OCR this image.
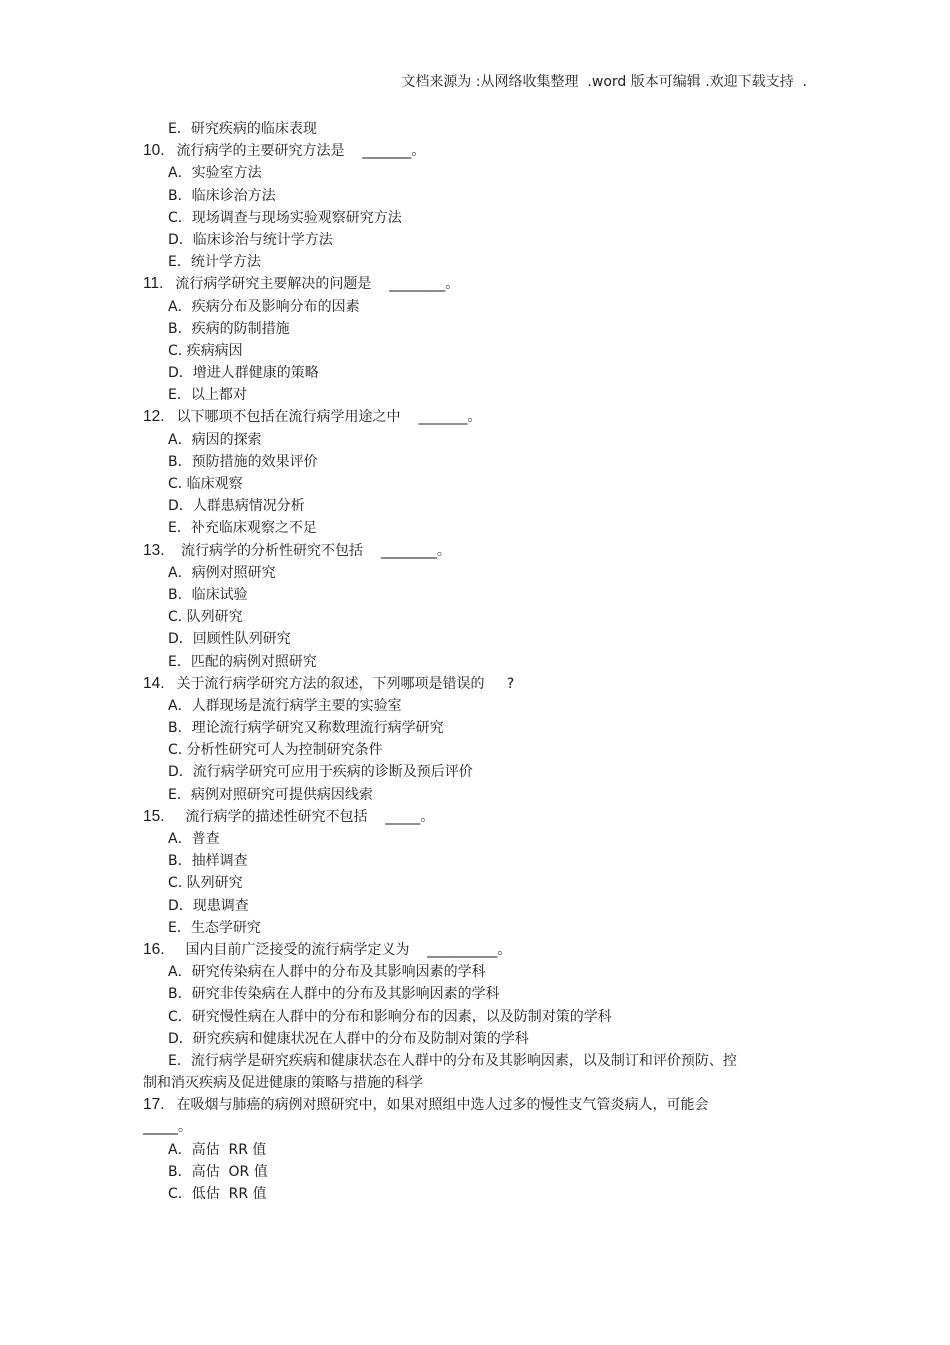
文档来源为 :从网络收集整理  .word 版本可编辑 .欢迎下载支持  .
E．研究疾病的临床表现
10. 流行病学的主要研究方法是    _______。
A．实验室方法
B．临床诊治方法
C．现场调查与现场实验观察研究方法
D．临床诊治与统计学方法
E．统计学方法
11. 流行病学研究主要解决的问题是    ________。
A．疾病分布及影响分布的因素
B．疾病的防制措施
C. 疾病病因
D．增进人群健康的策略
E．以上都对
12. 以下哪项不包括在流行病学用途之中    _______。
A．病因的探索
B．预防措施的效果评价
C. 临床观察
D．人群患病情况分析
E．补充临床观察之不足
13. 流行病学的分析性研究不包括    ________。
A．病例对照研究
B．临床试验
C. 队列研究
D．回顾性队列研究
E．匹配的病例对照研究
14. 关于流行病学研究方法的叙述，下列哪项是错误的     ?
A．人群现场是流行病学主要的实验室
B．理论流行病学研究又称数理流行病学研究
C. 分析性研究可人为控制研究条件
D．流行病学研究可应用于疾病的诊断及预后评价
E．病例对照研究可提供病因线索
15.  流行病学的描述性研究不包括    _____。
A．普查
B．抽样调查
C. 队列研究
D．现患调查
E．生态学研究
16.  国内目前广泛接受的流行病学定义为    __________。
A．研究传染病在人群中的分布及其影响因素的学科
B．研究非传染病在人群中的分布及其影响因素的学科
C．研究慢性病在人群中的分布和影响分布的因素，以及防制对策的学科
D．研究疾病和健康状况在人群中的分布及防制对策的学科
E．流行病学是研究疾病和健康状态在人群中的分布及其影响因素，以及制订和评价预防、控制和消灭疾病及促进健康的策略与措施的科学
17. 在吸烟与肺癌的病例对照研究中，如果对照组中选人过多的慢性支气管炎病人，可能会_____。
A．高估  RR 值
B．高估  OR 值
C．低估  RR 值
